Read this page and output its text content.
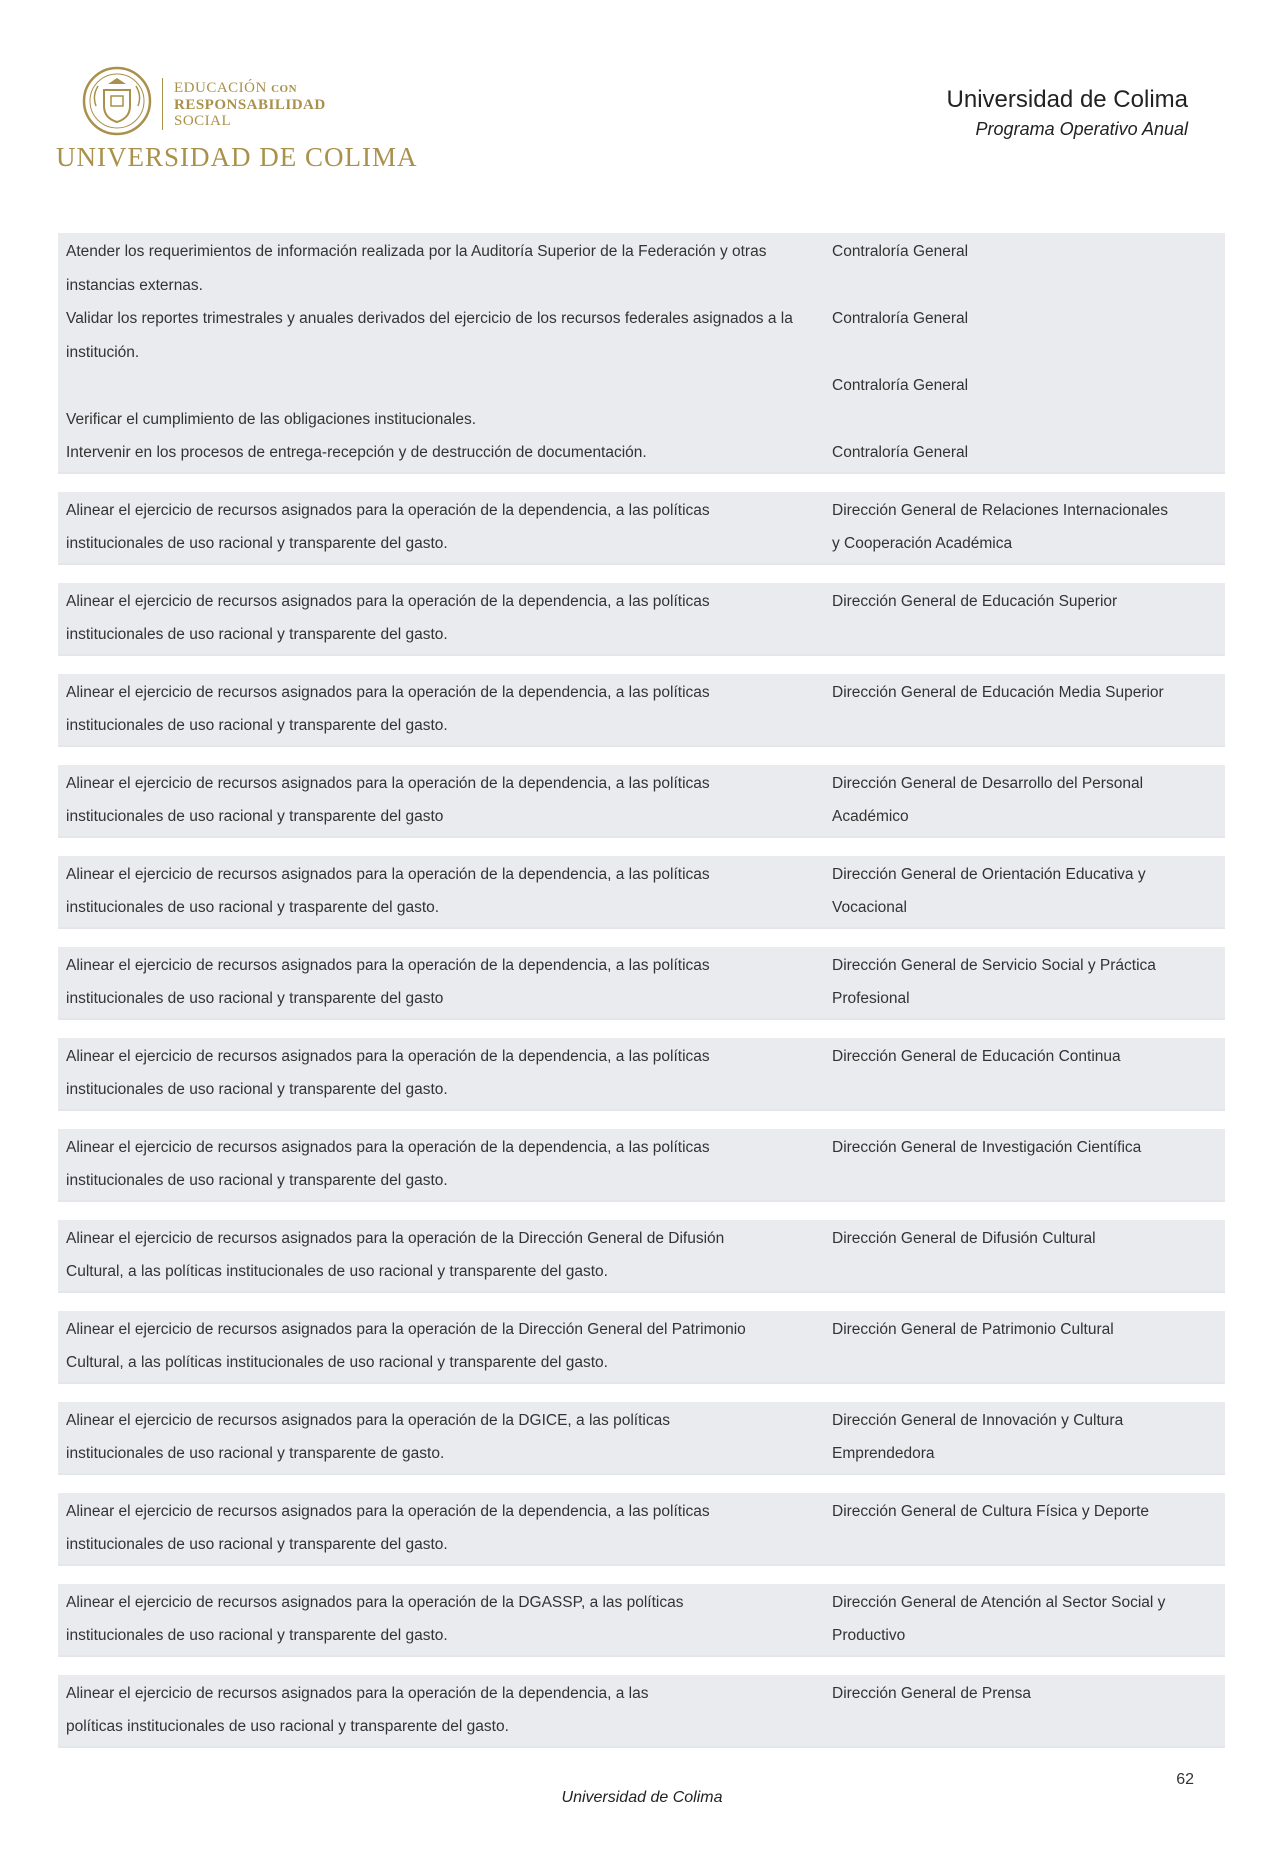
EDUCACIÓN CON
RESPONSABILIDAD
SOCIAL
UNIVERSIDAD DE COLIMA
Universidad de Colima
Programa Operativo Anual
Atender los requerimientos de información realizada por la Auditoría Superior de la Federación y otras instancias externas.
Contraloría General
Validar los reportes trimestrales y anuales derivados del ejercicio de los recursos federales asignados a la institución.
Contraloría General
Verificar el cumplimiento de las obligaciones institucionales.
Contraloría General
Intervenir en los procesos de entrega-recepción y de destrucción de documentación.	Contraloría General
Alinear el ejercicio de recursos asignados para la operación de la dependencia, a las políticas
institucionales de uso racional y transparente del gasto.
Dirección General de Relaciones Internacionales
y Cooperación Académica
Alinear el ejercicio de recursos asignados para la operación de la dependencia, a las políticas
institucionales de uso racional y transparente del gasto.
Dirección General de Educación Superior
Alinear el ejercicio de recursos asignados para la operación de la dependencia, a las políticas
institucionales de uso racional y transparente del gasto.
Dirección General de Educación Media Superior
Alinear el ejercicio de recursos asignados para la operación de la dependencia, a las políticas
institucionales de uso racional y transparente del gasto
Dirección General de Desarrollo del Personal
Académico
Alinear el ejercicio de recursos asignados para la operación de la dependencia, a las políticas
institucionales de uso racional y trasparente del gasto.
Dirección General de Orientación Educativa y
Vocacional
Alinear el ejercicio de recursos asignados para la operación de la dependencia, a las políticas
institucionales de uso racional y transparente del gasto
Dirección General de Servicio Social y Práctica
Profesional
Alinear el ejercicio de recursos asignados para la operación de la dependencia, a las políticas
institucionales de uso racional y transparente del gasto.
Dirección General de Educación Continua
Alinear el ejercicio de recursos asignados para la operación de la dependencia, a las políticas
institucionales de uso racional y transparente del gasto.
Dirección General de Investigación Científica
Alinear el ejercicio de recursos asignados para la operación de la Dirección General de Difusión
Cultural, a las políticas institucionales de uso racional y transparente del gasto.
Dirección General de Difusión Cultural
Alinear el ejercicio de recursos asignados para la operación de la Dirección General del Patrimonio
Cultural, a las políticas institucionales de uso racional y transparente del gasto.
Dirección General de Patrimonio Cultural
Alinear el ejercicio de recursos asignados para la operación de la DGICE, a las políticas
institucionales de uso racional y transparente de gasto.
Dirección General de Innovación y Cultura
Emprendedora
Alinear el ejercicio de recursos asignados para la operación de la dependencia, a las políticas
institucionales de uso racional y transparente del gasto.
Dirección General de Cultura Física y Deporte
Alinear el ejercicio de recursos asignados para la operación de la DGASSP, a las políticas
institucionales de uso racional y transparente del gasto.
Dirección General de Atención al Sector Social y
Productivo
Alinear el ejercicio de recursos asignados para la operación de la dependencia, a las
políticas institucionales de uso racional y transparente del gasto.
Dirección General de Prensa
62
Universidad de Colima
